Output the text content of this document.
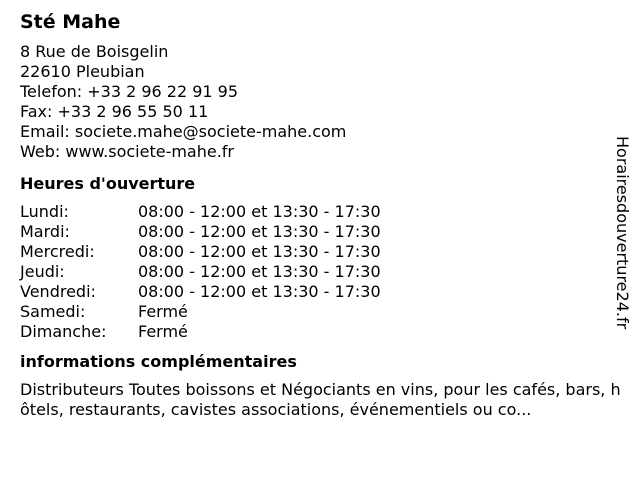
Sté Mahe
8 Rue de Boisgelin
22610 Pleubian
Telefon: +33 2 96 22 91 95
Fax: +33 2 96 55 50 11
Email: societe.mahe@societe-mahe.com
Web: www.societe-mahe.fr
Heures d'ouverture
Lundi:	08:00 - 12:00 et 13:30 - 17:30
Mardi:	08:00 - 12:00 et 13:30 - 17:30
Mercredi:	08:00 - 12:00 et 13:30 - 17:30
Jeudi:	08:00 - 12:00 et 13:30 - 17:30
Vendredi:	08:00 - 12:00 et 13:30 - 17:30
Samedi:	Fermé
Dimanche:	Fermé
informations complémentaires
Distributeurs Toutes boissons et Négociants en vins, pour les cafés, bars, hôtels, restaurants, cavistes associations, événementiels ou co...
Horairesdouverture24.fr
